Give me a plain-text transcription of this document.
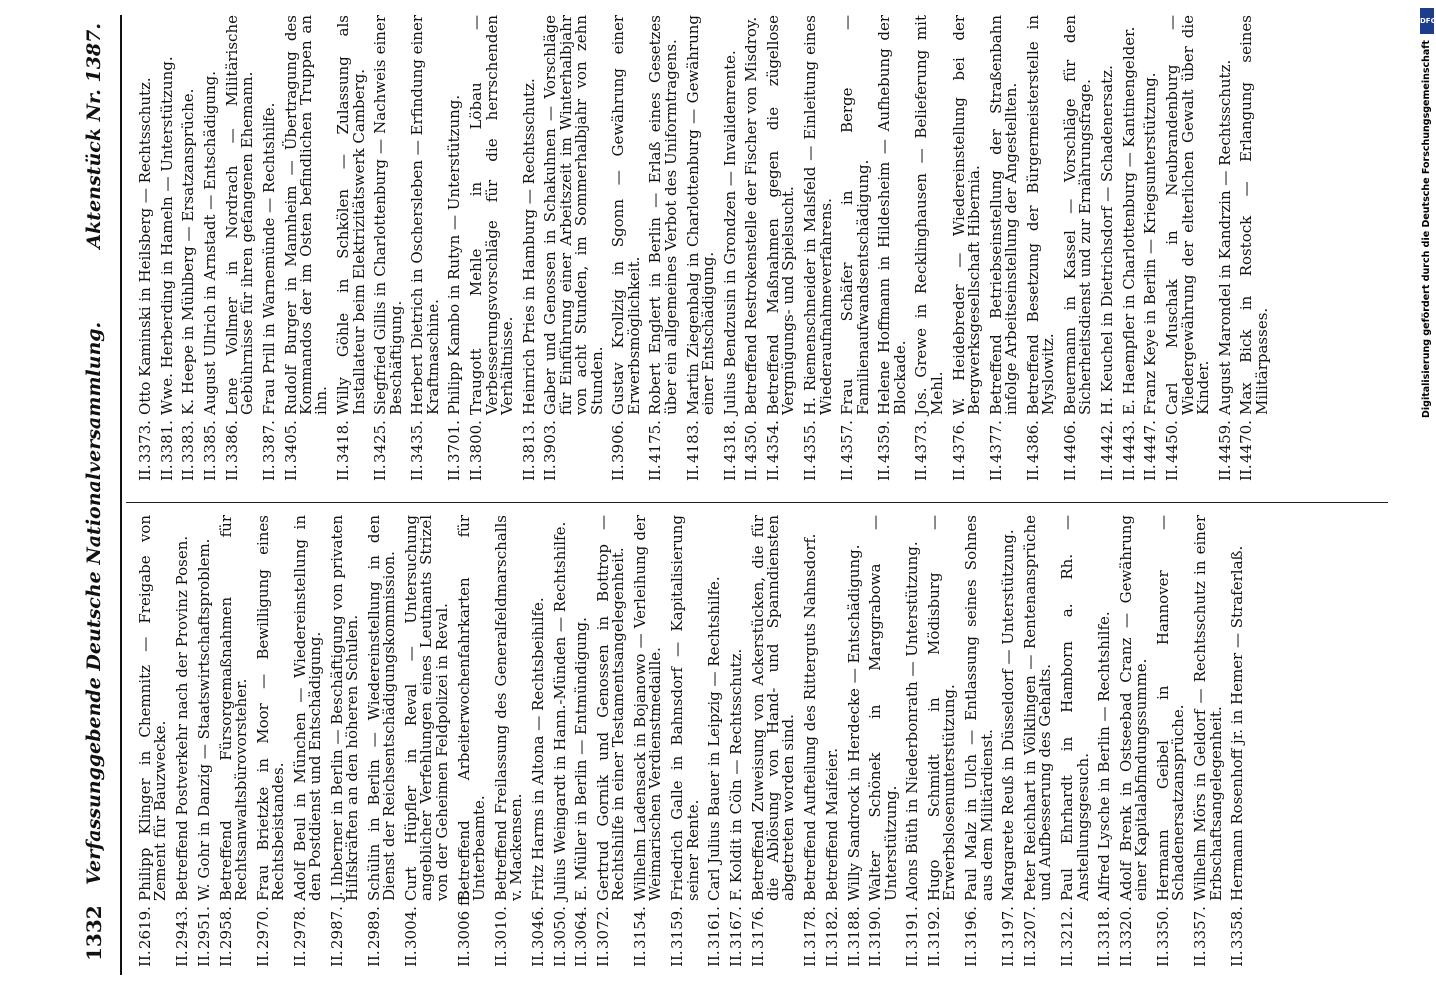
1332
Verfassunggebende Deutsche Nationalversammlung.
Aktenstück Nr. 1387.
II.
2619.
Philipp Klinger in Chemnitz — Freigabe von Zement für Bauzwecke.
II.
2943.
Betreffend Postverkehr nach der Provinz Posen.
II.
2951.
W. Gohr in Danzig — Staatswirtschaftsproblem.
II.
2958.
Betreffend Fürsorgemaßnahmen für Rechtsanwaltsbürovorsteher.
II.
2970.
Frau Brietzke in Moor — Bewilligung eines Rechtsbeistandes.
II.
2978.
Adolf Beul in München — Wiedereinstellung in den Postdienst und Entschädigung.
II.
2987.
J. Ihberner in Berlin — Beschäftigung von privaten Hilfskräften an den höheren Schulen.
II.
2989.
Schülin in Berlin — Wiedereinstellung in den Dienst der Reichsentschädigungskommission.
II.
3004.
Curt Hüpfler in Reval — Untersuchung angeblicher Verfehlungen eines Leutnants Strizel von der Geheimen Feldpolizei in Reval.
II.
3006 ff.
Betreffend Arbeiterwochenfahrkarten für Unterbeamte.
II.
3010.
Betreffend Freilassung des Generalfeldmarschalls v. Mackensen.
II.
3046.
Fritz Harms in Altona — Rechtsbeihilfe.
II.
3050.
Julius Weingardt in Hann.-Münden — Rechtshilfe.
II.
3064.
E. Müller in Berlin — Entmündigung.
II.
3072.
Gertrud Gornik und Genossen in Bottrop — Rechtshilfe in einer Testamentsangelegenheit.
II.
3154.
Wilhelm Ladensack in Bojanowo — Verleihung der Weimarischen Verdienstmedaille.
II.
3159.
Friedrich Galle in Bahnsdorf — Kapitalisierung seiner Rente.
II.
3161.
Carl Julius Bauer in Leipzig — Rechtshilfe.
II.
3167.
F. Koldit in Cöln — Rechtsschutz.
II.
3176.
Betreffend Zuweisung von Ackerstücken, die für die Ablösung von Hand- und Spanndiensten abgetreten worden sind.
II.
3178.
Betreffend Aufteilung des Ritterguts Nahnsdorf.
II.
3182.
Betreffend Maifeier.
II.
3188.
Willy Sandrock in Herdecke — Entschädigung.
II.
3190.
Walter Schönek in Marggrabowa — Unterstützung.
II.
3191.
Alons Büth in Niederbonrath — Unterstützung.
II.
3192.
Hugo Schmidt in Mödisburg — Erwerbslosenunterstützung.
II.
3196.
Paul Malz in Ulch — Entlassung seines Sohnes aus dem Militärdienst.
II.
3197.
Margarete Reuß in Düsseldorf — Unterstützung.
II.
3207.
Peter Reichhart in Völklingen — Rentenansprüche und Aufbesserung des Gehalts.
II.
3212.
Paul Ehrhardt in Hamborn a. Rh. — Anstellungsgesuch.
II.
3318.
Alfred Lysche in Berlin — Rechtshilfe.
II.
3320.
Adolf Brenk in Ostseebad Cranz — Gewährung einer Kapitalabfindungssumme.
II.
3350.
Hermann Geibel in Hannover — Schadenersatzansprüche.
II.
3357.
Wilhelm Mörs in Geldorf — Rechtsschutz in einer Erbschaftsangelegenheit.
II.
3358.
Hermann Rosenhoff jr. in Hemer — Straferlaß.
II.
3373.
Otto Kaminski in Heilsberg — Rechtsschutz.
II.
3381.
Wwe. Herberding in Hameln — Unterstützung.
II.
3383.
K. Heepe in Mühlberg — Ersatzansprüche.
II.
3385.
August Ullrich in Arnstadt — Entschädigung.
II.
3386.
Lene Vollmer in Nordrach — Militärische Gebührnisse für ihren gefangenen Ehemann.
II.
3387.
Frau Prill in Warnemünde — Rechtshilfe.
II.
3405.
Rudolf Burger in Mannheim — Übertragung des Kommandos der im Osten befindlichen Truppen an ihn.
II.
3418.
Willy Göhle in Schkölen — Zulassung als Installateur beim Elektrizitätswerk Camberg.
II.
3425.
Siegfried Gillis in Charlottenburg — Nachweis einer Beschäftigung.
II.
3435.
Herbert Dietrich in Oschersleben — Erfindung einer Kraftmaschine.
II.
3701.
Philipp Kambo in Rutyn — Unterstützung.
II.
3800.
Traugott Mehle in Löbau — Verbesserungsvorschläge für die herrschenden Verhältnisse.
II.
3813.
Heinrich Pries in Hamburg — Rechtsschutz.
II.
3903.
Gaber und Genossen in Schakuhnen — Vorschläge für Einführung einer Arbeitszeit im Winterhalbjahr von acht Stunden, im Sommerhalbjahr von zehn Stunden.
II.
3906.
Gustav Krollzig in Sgonn — Gewährung einer Erwerbsmöglichkeit.
II.
4175.
Robert Englert in Berlin — Erlaß eines Gesetzes über ein allgemeines Verbot des Uniformtragens.
II.
4183.
Martin Ziegenbalg in Charlottenburg — Gewährung einer Entschädigung.
II.
4318.
Julius Bendzusin in Grondzen — Invalidenrente.
II.
4350.
Betreffend Restrokenstelle der Fischer von Misdroy.
II.
4354.
Betreffend Maßnahmen gegen die zügellose Vergnügungs- und Spielsucht.
II.
4355.
H. Riemenschneider in Malsfeld — Einleitung eines Wiederaufnahmeverfahrens.
II.
4357.
Frau Schäfer in Berge — Familienaufwandsentschädigung.
II.
4359.
Helene Hoffmann in Hildesheim — Aufhebung der Blockade.
II.
4373.
Jos. Grewe in Recklinghausen — Belieferung mit Mehl.
II.
4376.
W. Heidebreder — Wiedereinstellung bei der Bergwerksgesellschaft Hibernia.
II.
4377.
Betreffend Betriebseinstellung der Straßenbahn infolge Arbeitseinstellung der Angestellten.
II.
4386.
Betreffend Besetzung der Bürgermeisterstelle in Myslowitz.
II.
4406.
Beuermann in Kassel — Vorschläge für den Sicherheitsdienst und zur Ernährungsfrage.
II.
4442.
H. Keuchel in Dietrichsdorf — Schadenersatz.
II.
4443.
E. Haempfler in Charlottenburg — Kantinengelder.
II.
4447.
Franz Keye in Berlin — Kriegsunterstützung.
II.
4450.
Carl Muschak in Neubrandenburg — Wiedergewährung der elterlichen Gewalt über die Kinder.
II.
4459.
August Marondel in Kandrzin — Rechtsschutz.
II.
4470.
Max Bick in Rostock — Erlangung seines Militärpasses.
DFG
Digitalisierung gefördert durch die Deutsche Forschungsgemeinschaft
